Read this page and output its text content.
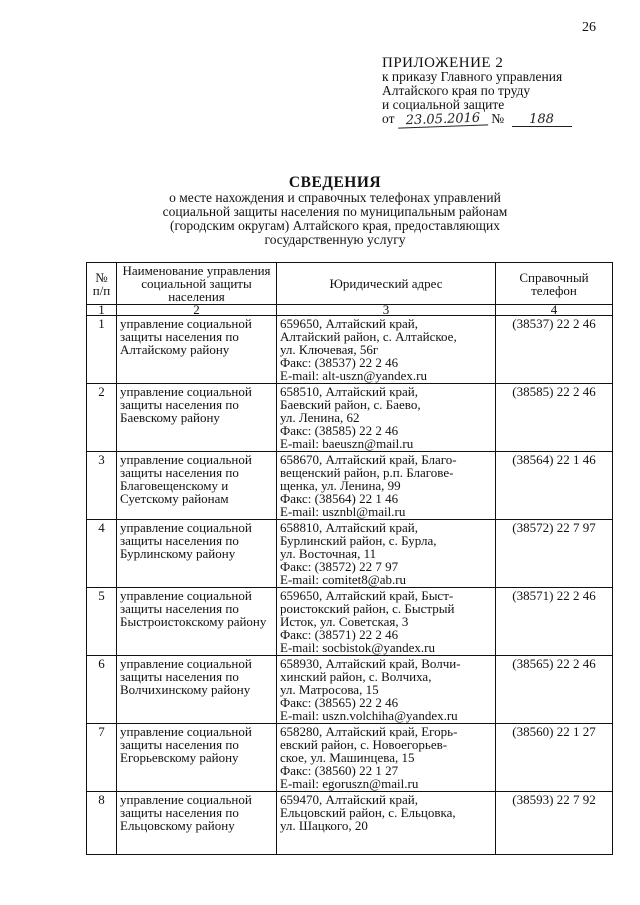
26
ПРИЛОЖЕНИЕ 2
к приказу Главного управления
Алтайского края по труду
и социальной защите
от 23.05.2016 № 188
СВЕДЕНИЯ
о месте нахождения и справочных телефонах управлений
социальной защиты населения по муниципальным районам
(городским округам) Алтайского края, предоставляющих
государственную услугу
№ п/п	Наименование управления социальной защиты населения	Юридический адрес	Справочный телефон
1	2	3	4
1	управление социальной защиты населения по Алтайскому району	659650, Алтайский край,
Алтайский район, с. Алтайское,
ул. Ключевая, 56г
Факс: (38537) 22 2 46
E-mail: alt-uszn@yandex.ru	(38537) 22 2 46
2	управление социальной защиты населения по Баевскому району	658510, Алтайский край,
Баевский район, с. Баево,
ул. Ленина, 62
Факс: (38585) 22 2 46
E-mail: baeuszn@mail.ru	(38585) 22 2 46
3	управление социальной защиты населения по Благовещенскому и Суетскому районам	658670, Алтайский край, Благо-
вещенский район, р.п. Благове-
щенка, ул. Ленина, 99
Факс: (38564) 22 1 46
E-mail: usznbl@mail.ru	(38564) 22 1 46
4	управление социальной защиты населения по Бурлинскому району	658810, Алтайский край,
Бурлинский район, с. Бурла,
ул. Восточная, 11
Факс: (38572) 22 7 97
E-mail: comitet8@ab.ru	(38572) 22 7 97
5	управление социальной защиты населения по Быстроистокскому району	659650, Алтайский край, Быст-
роистокский район, с. Быстрый
Исток, ул. Советская, 3
Факс: (38571) 22 2 46
E-mail: socbistok@yandex.ru	(38571) 22 2 46
6	управление социальной защиты населения по Волчихинскому району	658930, Алтайский край, Волчи-
хинский район, с. Волчиха,
ул. Матросова, 15
Факс: (38565) 22 2 46
E-mail: uszn.volchiha@yandex.ru	(38565) 22 2 46
7	управление социальной защиты населения по Егорьевскому району	658280, Алтайский край, Егорь-
евский район, с. Новоегорьев-
ское, ул. Машинцева, 15
Факс: (38560) 22 1 27
E-mail: egoruszn@mail.ru	(38560) 22 1 27
8	управление социальной защиты населения по Ельцовскому району	659470, Алтайский край,
Ельцовский район, с. Ельцовка,
ул. Шацкого, 20	(38593) 22 7 92
